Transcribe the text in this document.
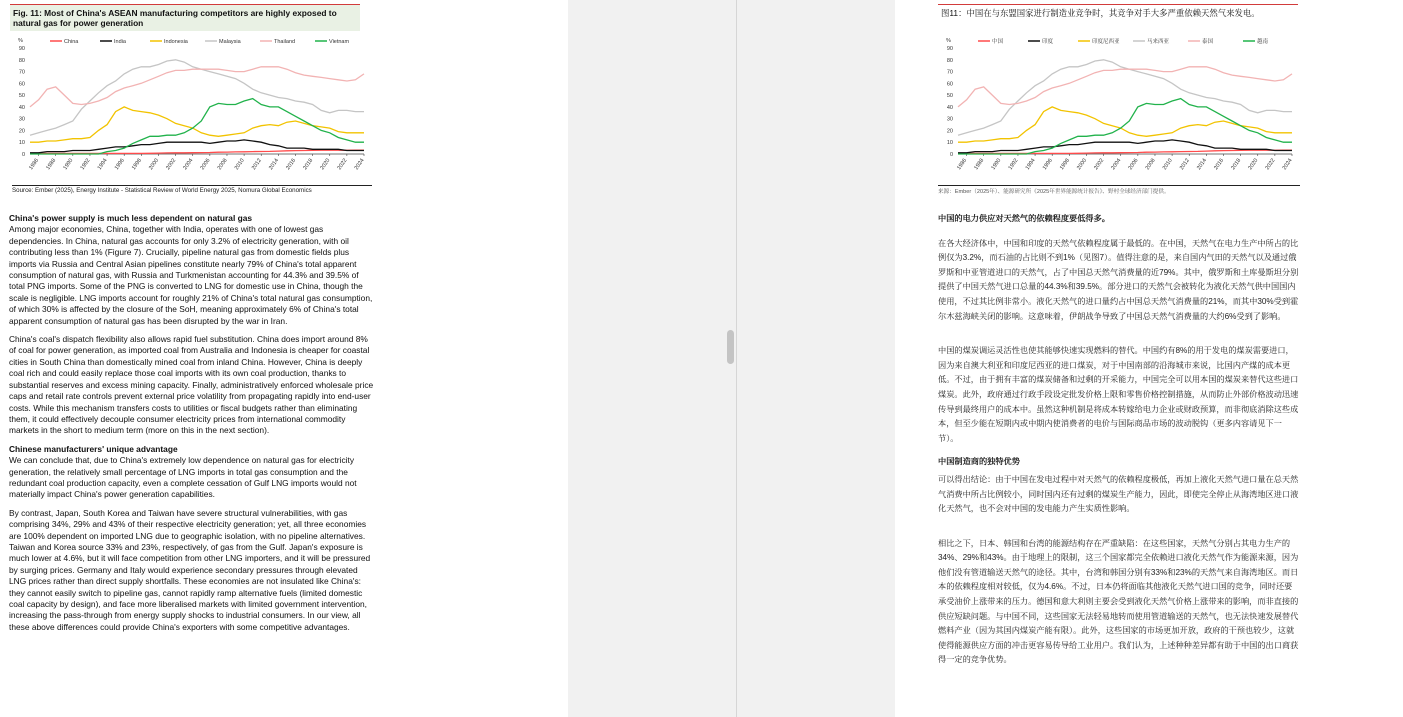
Fig. 11: Most of China's ASEAN manufacturing competitors are highly exposed to natural gas for power generation
%
0
10
20
30
40
50
60
70
80
90
1986 1988 1990 1992 1994 1996 1998 2000 2002 2004 2006 2008 2010 2012 2014 2016 2018 2020 2022 2024
China	India	Indonesia	Malaysia	Thailand	Vietnam
Source: Ember (2025), Energy Institute - Statistical Review of World Energy 2025, Nomura Global Economics
China's power supply is much less dependent on natural gas

Among major economies, China, together with India, operates with one of lowest gas dependencies. In China, natural gas accounts for only 3.2% of electricity generation, with oil contributing less than 1% (Figure 7). Crucially, pipeline natural gas from domestic fields plus imports via Russia and Central Asian pipelines constitute nearly 79% of China's total apparent consumption of natural gas, with Russia and Turkmenistan accounting for 44.3% and 39.5% of total PNG imports. Some of the PNG is converted to LNG for domestic use in China, though the scale is negligible. LNG imports account for roughly 21% of China's total natural gas consumption, of which 30% is affected by the closure of the SoH, meaning approximately 6% of China's total apparent consumption of natural gas has been disrupted by the war in Iran.

China's coal's dispatch flexibility also allows rapid fuel substitution. China does import around 8% of coal for power generation, as imported coal from Australia and Indonesia is cheaper for coastal cities in South China than domestically mined coal from inland China. However, China is deeply coal rich and could easily replace those coal imports with its own coal production, thanks to substantial reserves and excess mining capacity. Finally, administratively enforced wholesale price caps and retail rate controls prevent external price volatility from propagating rapidly into end-user costs. While this mechanism transfers costs to utilities or fiscal budgets rather than eliminating them, it could effectively decouple consumer electricity prices from international commodity markets in the short to medium term (more on this in the next section).

Chinese manufacturers' unique advantage

We can conclude that, due to China's extremely low dependence on natural gas for electricity generation, the relatively small percentage of LNG imports in total gas consumption and the redundant coal production capacity, even a complete cessation of Gulf LNG imports would not materially impact China's power generation capabilities.

By contrast, Japan, South Korea and Taiwan have severe structural vulnerabilities, with gas comprising 34%, 29% and 43% of their respective electricity generation; yet, all three economies are 100% dependent on imported LNG due to geographic isolation, with no pipeline alternatives. Taiwan and Korea source 33% and 23%, respectively, of gas from the Gulf. Japan's exposure is much lower at 4.6%, but it will face competition from other LNG importers, and it will be pressured by surging prices. Germany and Italy would experience secondary pressures through elevated LNG prices rather than direct supply shortfalls. These economies are not insulated like China's: they cannot easily switch to pipeline gas, cannot rapidly ramp alternative fuels (limited domestic coal capacity by design), and face more liberalised markets with limited government intervention, increasing the pass-through from energy supply shocks to industrial consumers. In our view, all these above differences could provide China's exporters with some competitive advantages.

图11：中国在与东盟国家进行制造业竞争时，其竞争对手大多严重依赖天然气来发电。
%
0
10
20
30
40
50
60
70
80
90
1986 1988 1990 1992 1994 1996 1998 2000 2002 2004 2006 2008 2010 2012 2014 2016 2018 2020 2022 2024
中国	印度	印度尼西亚	马来西亚	泰国	越南
来源：Ember（2025年）、能源研究所《2025年世界能源统计报告》、野村全球经济部门提供。
中国的电力供应对天然气的依赖程度要低得多。

在各大经济体中，中国和印度的天然气依赖程度属于最低的。在中国，天然气在电力生产中所占的比例仅为3.2%，而石油的占比则不到1%（见图7）。值得注意的是，来自国内气田的天然气以及通过俄罗斯和中亚管道进口的天然气，占了中国总天然气消费量的近79%。其中，俄罗斯和土库曼斯坦分别提供了中国天然气进口总量的44.3%和39.5%。部分进口的天然气会被转化为液化天然气供中国国内使用，不过其比例非常小。液化天然气的进口量约占中国总天然气消费量的21%，而其中30%受到霍尔木兹海峡关闭的影响。这意味着，伊朗战争导致了中国总天然气消费量的大约6%受到了影响。

中国的煤炭调运灵活性也使其能够快速实现燃料的替代。中国约有8%的用于发电的煤炭需要进口，因为来自澳大利亚和印度尼西亚的进口煤炭，对于中国南部的沿海城市来说，比国内产煤的成本更低。不过，由于拥有丰富的煤炭储备和过剩的开采能力，中国完全可以用本国的煤炭来替代这些进口煤炭。此外，政府通过行政手段设定批发价格上限和零售价格控制措施，从而防止外部价格波动迅速传导到最终用户的成本中。虽然这种机制是将成本转嫁给电力企业或财政预算，而非彻底消除这些成本，但至少能在短期内或中期内使消费者的电价与国际商品市场的波动脱钩（更多内容请见下一节）。

中国制造商的独特优势

可以得出结论：由于中国在发电过程中对天然气的依赖程度极低，再加上液化天然气进口量在总天然气消费中所占比例较小，同时国内还有过剩的煤炭生产能力，因此，即使完全停止从海湾地区进口液化天然气，也不会对中国的发电能力产生实质性影响。

相比之下，日本、韩国和台湾的能源结构存在严重缺陷：在这些国家，天然气分别占其电力生产的34%、29%和43%。由于地理上的限制，这三个国家都完全依赖进口液化天然气作为能源来源，因为他们没有管道输送天然气的途径。其中，台湾和韩国分别有33%和23%的天然气来自海湾地区。而日本的依赖程度相对较低，仅为4.6%。不过，日本仍将面临其他液化天然气进口国的竞争，同时还要承受油价上涨带来的压力。德国和意大利则主要会受到液化天然气价格上涨带来的影响，而非直接的供应短缺问题。与中国不同，这些国家无法轻易地转而使用管道输送的天然气，也无法快速发展替代燃料产业（因为其国内煤炭产能有限）。此外，这些国家的市场更加开放，政府的干预也较少，这就使得能源供应方面的冲击更容易传导给工业用户。我们认为，上述种种差异都有助于中国的出口商获得一定的竞争优势。
